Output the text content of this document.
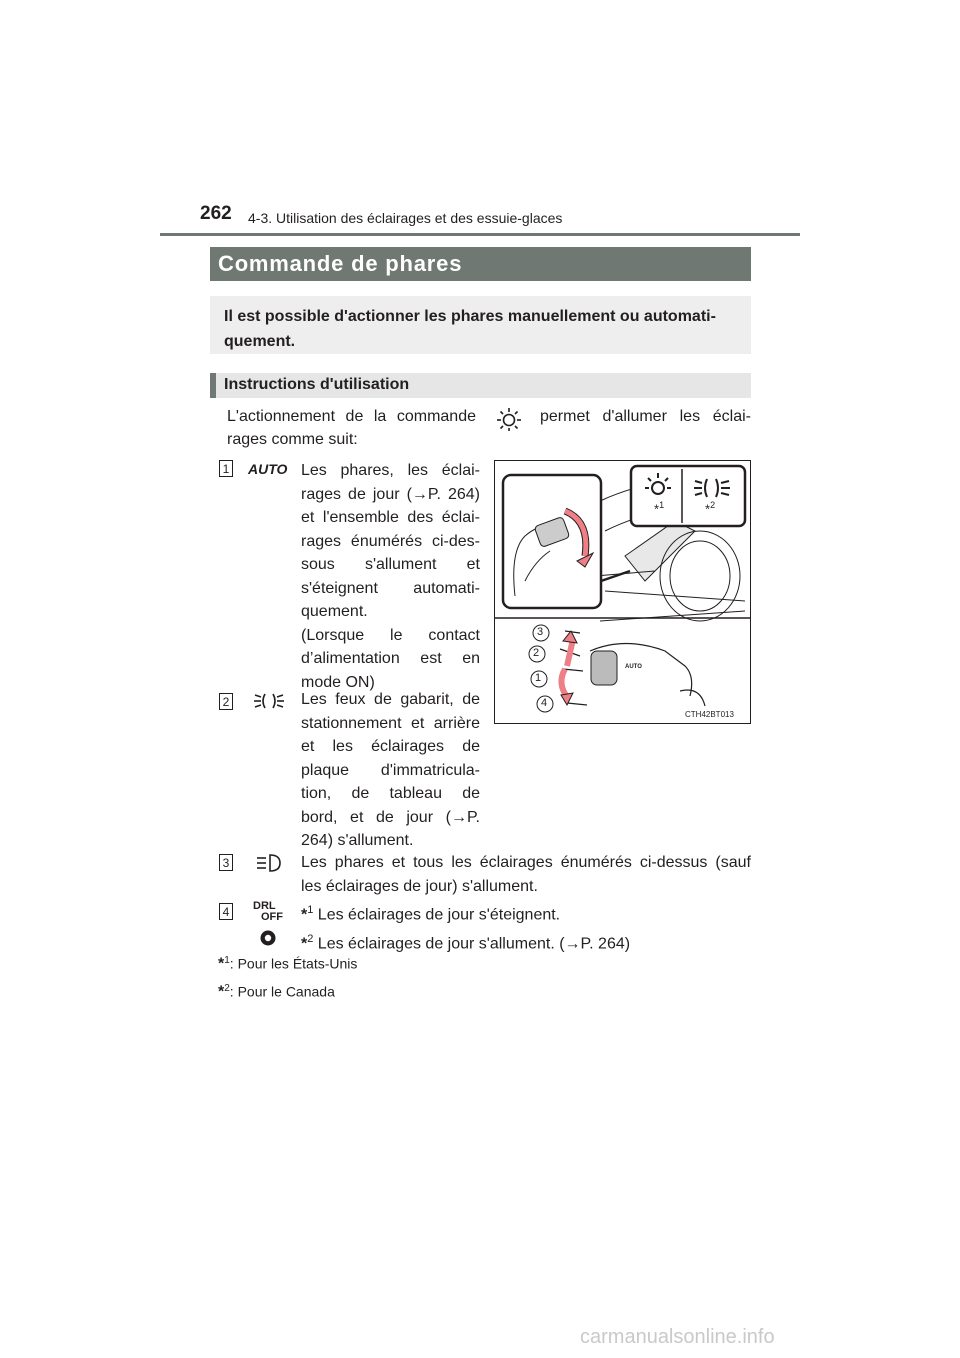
262 4-3. Utilisation des éclairages et des essuie-glaces
Commande de phares
Il est possible d'actionner les phares manuellement ou automati-quement.
Instructions d'utilisation
L'actionnement de la commande	permet d'allumer les éclai-
rages comme suit:
1 AUTO Les phares, les éclai-
rages de jour (→P. 264)
et l'ensemble des éclai-
rages énumérés ci-des-
sous s'allument et
s'éteignent automati-
quement.
(Lorsque le contact
d’alimentation est en
mode ON)
2	Les feux de gabarit, de
stationnement et arrière
et les éclairages de
plaque d'immatricula-
tion, de tableau de
bord, et de jour (→P.
264) s'allument.
3	Les phares et tous les éclairages énumérés ci-dessus (sauf
les éclairages de jour) s'allument.
4	DRL
OFF *$^1$ Les éclairages de jour s'éteignent.
*$^2$ Les éclairages de jour s'allument. (→P. 264)
*$^1$: Pour les États-Unis
*$^2$: Pour le Canada
*$^1$	*$^2$
3
2
1
4
AUTO
CTH42BT013
carmanualsonline.info
